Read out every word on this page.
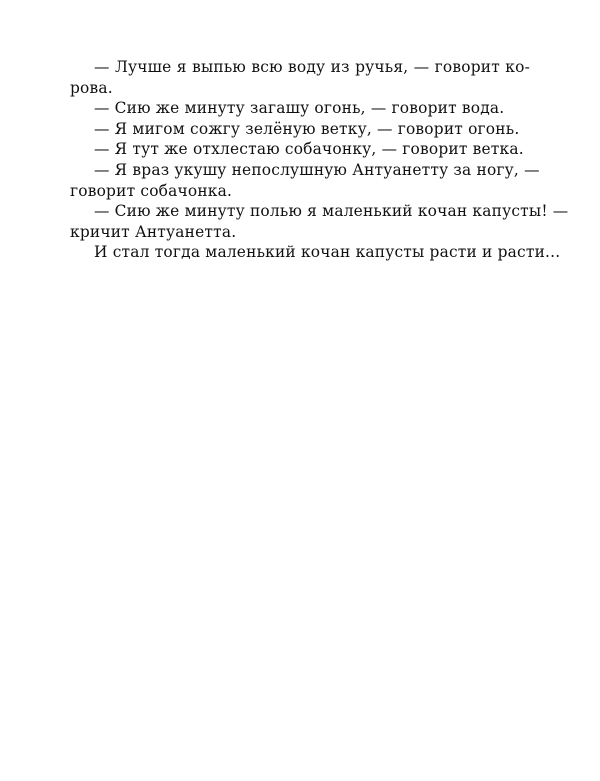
— Лучше я выпью всю воду из ручья, — говорит ко-
рова.
— Сию же минуту загашу огонь, — говорит вода.
— Я мигом сожгу зелёную ветку, — говорит огонь.
— Я тут же отхлестаю собачонку, — говорит ветка.
— Я враз укушу непослушную Антуанетту за ногу, —
говорит собачонка.
— Сию же минуту полью я маленький кочан капусты! —
кричит Антуанетта.
И стал тогда маленький кочан капусты расти и расти...
